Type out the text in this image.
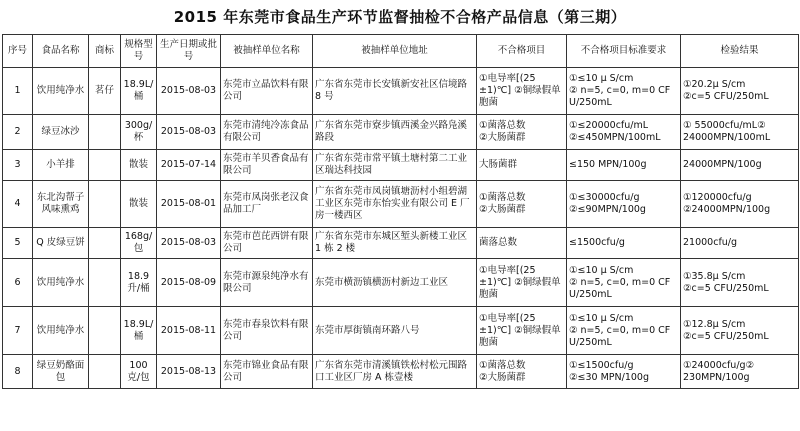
2015 年东莞市食品生产环节监督抽检不合格产品信息（第三期）
序号	食品名称	商标	规格型号	生产日期或批号	被抽样单位名称	被抽样单位地址	不合格项目	不合格项目标准要求	检验结果
1	饮用纯净水	茗仔	18.9L/桶	2015-08-03	东莞市立晶饮料有限公司	广东省东莞市长安镇新安社区信境路 8 号	①电导率[(25±1)℃] ②铜绿假单胞菌	①≤10 μ S/cm
② n=5, c=0, m=0 CFU/250mL	①20.2μ S/cm
②c=5 CFU/250mL
2	绿豆冰沙		300g/杯	2015-08-03	东莞市清纯冷冻食品有限公司	广东省东莞市寮步镇西溪金兴路凫溪路段	①菌落总数
②大肠菌群	①≤20000cfu/mL
②≤450MPN/100mL	① 55000cfu/mL②
24000MPN/100mL
3	小羊排		散装	2015-07-14	东莞市羊贝香食品有限公司	广东省东莞市常平镇土塘村第二工业区瑞达科技园	大肠菌群	≤150 MPN/100g	24000MPN/100g
4	东北沟帮子风味熏鸡		散装	2015-08-01	东莞市凤岗张老汉食品加工厂	广东省东莞市凤岗镇塘沥村小组碧湖工业区东莞市东怡实业有限公司 E 厂房一楼西区	①菌落总数
②大肠菌群	①≤30000cfu/g
②≤90MPN/100g	①120000cfu/g
②24000MPN/100g
5	Q 皮绿豆饼		168g/包	2015-08-03	东莞市芭芘西饼有限公司	广东省东莞市东城区堑头新楼工业区 1 栋 2 楼	菌落总数	≤1500cfu/g	21000cfu/g
6	饮用纯净水		18.9 升/桶	2015-08-09	东莞市源泉纯净水有限公司	东莞市横沥镇横沥村新边工业区	①电导率[(25±1)℃] ②铜绿假单胞菌	①≤10 μ S/cm
② n=5, c=0, m=0 CFU/250mL	①35.8μ S/cm
②c=5 CFU/250mL
7	饮用纯净水		18.9L/桶	2015-08-11	东莞市春泉饮料有限公司	东莞市厚街镇南环路八号	①电导率[(25±1)℃] ②铜绿假单胞菌	①≤10 μ S/cm
② n=5, c=0, m=0 CFU/250mL	①12.8μ S/cm
②c=5 CFU/250mL
8	绿豆奶酪面包		100 克/包	2015-08-13	东莞市锦业食品有限公司	广东省东莞市清溪镇铁松村松元围路口工业区厂房 A 栋壹楼	①菌落总数
②大肠菌群	①≤1500cfu/g
②≤30 MPN/100g	①24000cfu/g②
230MPN/100g
